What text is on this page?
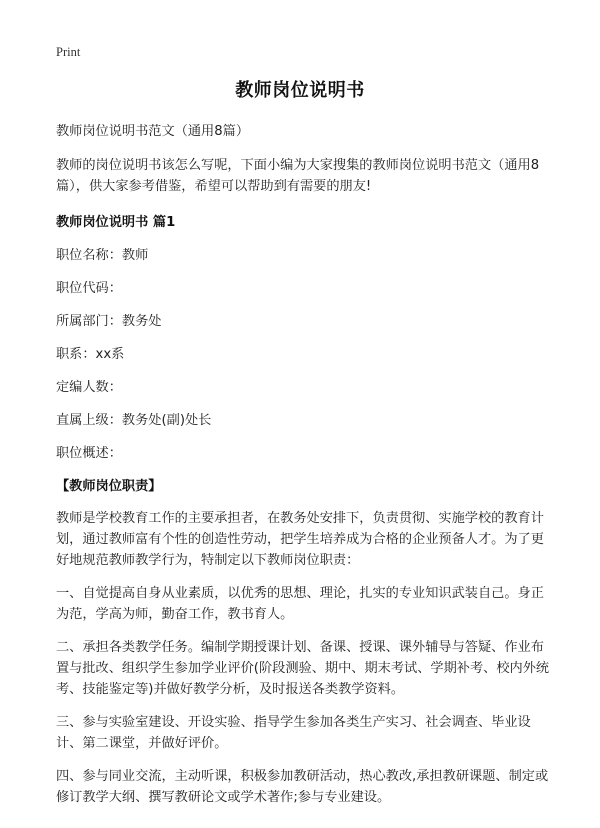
Print
教师岗位说明书

教师岗位说明书范文（通用8篇）

教师的岗位说明书该怎么写呢，下面小编为大家搜集的教师岗位说明书范文（通用8篇），供大家参考借鉴，希望可以帮助到有需要的朋友!

教师岗位说明书 篇1

职位名称：教师

职位代码：

所属部门：教务处

职系：xx系

定编人数：

直属上级：教务处(副)处长

职位概述：

【教师岗位职责】

教师是学校教育工作的主要承担者，在教务处安排下，负责贯彻、实施学校的教育计划，通过教师富有个性的创造性劳动，把学生培养成为合格的企业预备人才。为了更好地规范教师教学行为，特制定以下教师岗位职责：

一、自觉提高自身从业素质，以优秀的思想、理论，扎实的专业知识武装自己。身正为范，学高为师，勤奋工作，教书育人。

二、承担各类教学任务。编制学期授课计划、备课、授课、课外辅导与答疑、作业布置与批改、组织学生参加学业评价(阶段测验、期中、期末考试、学期补考、校内外统考、技能鉴定等)并做好教学分析，及时报送各类教学资料。

三、参与实验室建设、开设实验、指导学生参加各类生产实习、社会调查、毕业设计、第二课堂，并做好评价。

四、参与同业交流，主动听课，积极参加教研活动，热心教改,承担教研课题、制定或修订教学大纲、撰写教研论文或学术著作;参与专业建设。
